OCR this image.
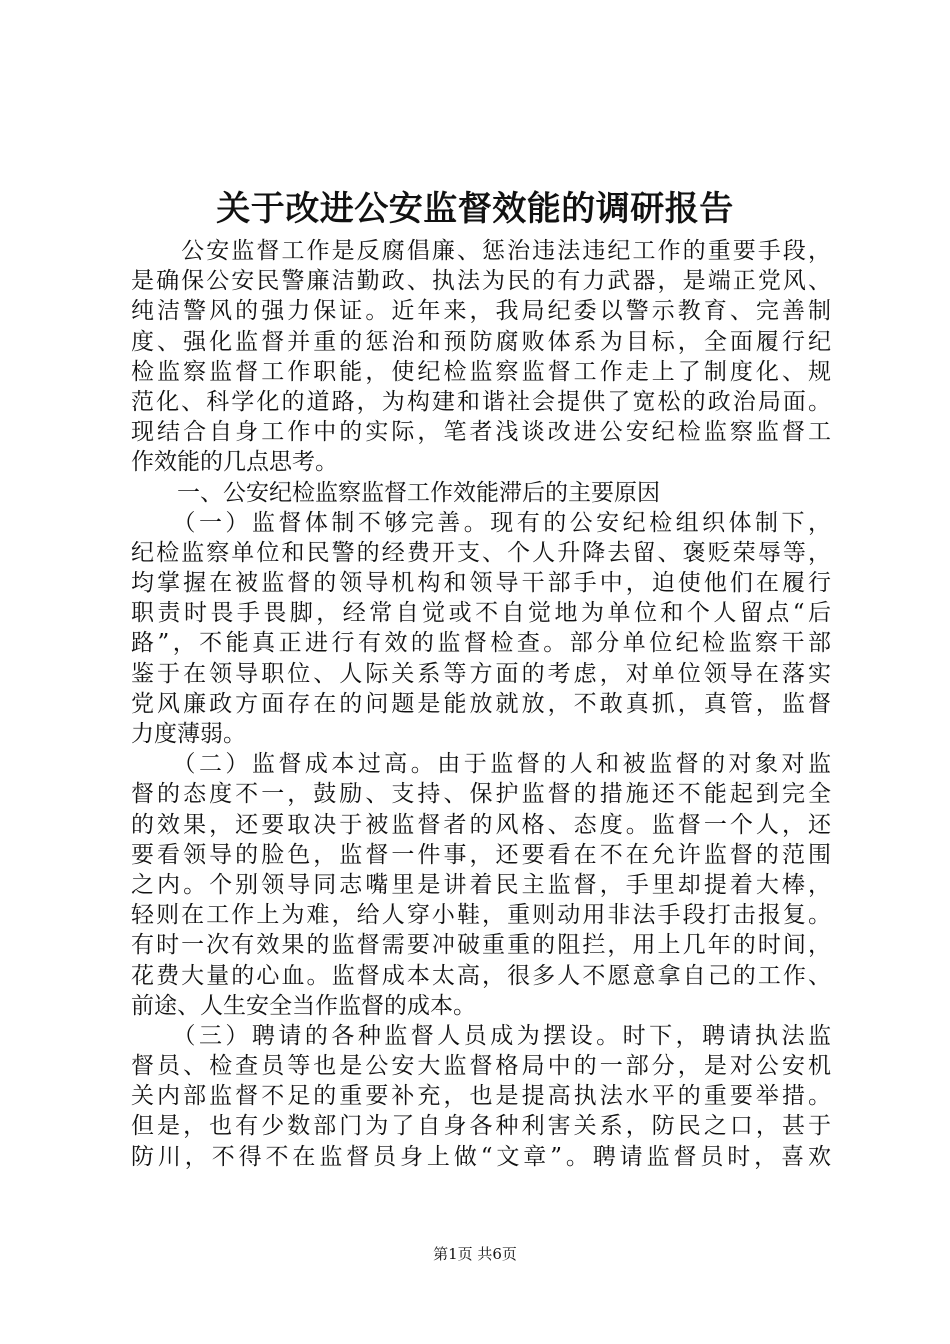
关于改进公安监督效能的调研报告
　　公安监督工作是反腐倡廉、惩治违法违纪工作的重要手段，
是确保公安民警廉洁勤政、执法为民的有力武器，是端正党风、
纯洁警风的强力保证。近年来，我局纪委以警示教育、完善制
度、强化监督并重的惩治和预防腐败体系为目标，全面履行纪
检监察监督工作职能，使纪检监察监督工作走上了制度化、规
范化、科学化的道路，为构建和谐社会提供了宽松的政治局面。
现结合自身工作中的实际，笔者浅谈改进公安纪检监察监督工
作效能的几点思考。
　　一、公安纪检监察监督工作效能滞后的主要原因
　　（一）监督体制不够完善。现有的公安纪检组织体制下，
纪检监察单位和民警的经费开支、个人升降去留、褒贬荣辱等，
均掌握在被监督的领导机构和领导干部手中，迫使他们在履行
职责时畏手畏脚，经常自觉或不自觉地为单位和个人留点“后
路”，不能真正进行有效的监督检查。部分单位纪检监察干部
鉴于在领导职位、人际关系等方面的考虑，对单位领导在落实
党风廉政方面存在的问题是能放就放，不敢真抓，真管，监督
力度薄弱。
　　（二）监督成本过高。由于监督的人和被监督的对象对监
督的态度不一，鼓励、支持、保护监督的措施还不能起到完全
的效果，还要取决于被监督者的风格、态度。监督一个人，还
要看领导的脸色，监督一件事，还要看在不在允许监督的范围
之内。个别领导同志嘴里是讲着民主监督，手里却提着大棒，
轻则在工作上为难，给人穿小鞋，重则动用非法手段打击报复。
有时一次有效果的监督需要冲破重重的阻拦，用上几年的时间，
花费大量的心血。监督成本太高，很多人不愿意拿自己的工作、
前途、人生安全当作监督的成本。
　　（三）聘请的各种监督人员成为摆设。时下，聘请执法监
督员、检查员等也是公安大监督格局中的一部分，是对公安机
关内部监督不足的重要补充，也是提高执法水平的重要举措。
但是，也有少数部门为了自身各种利害关系，防民之口，甚于
防川，不得不在监督员身上做“文章”。聘请监督员时，喜欢
第1页 共6页
